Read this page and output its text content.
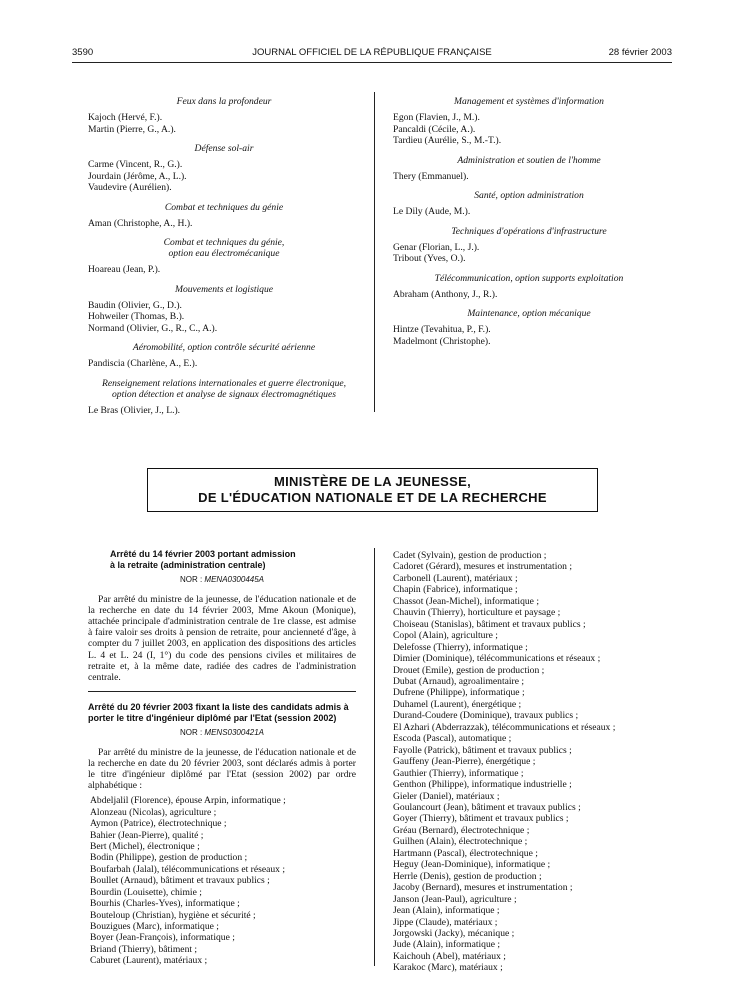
3590	JOURNAL OFFICIEL DE LA RÉPUBLIQUE FRANÇAISE	28 février 2003
Feux dans la profondeur
Kajoch (Hervé, F.).
Martin (Pierre, G., A.).
Défense sol-air
Carme (Vincent, R., G.).
Jourdain (Jérôme, A., L.).
Vaudevire (Aurélien).
Combat et techniques du génie
Aman (Christophe, A., H.).
Combat et techniques du génie,
option eau électromécanique
Hoareau (Jean, P.).
Mouvements et logistique
Baudin (Olivier, G., D.).
Hohweiler (Thomas, B.).
Normand (Olivier, G., R., C., A.).
Aéromobilité, option contrôle sécurité aérienne
Pandiscia (Charlène, A., E.).
Renseignement relations internationales et guerre électronique,
option détection et analyse de signaux électromagnétiques
Le Bras (Olivier, J., L.).
Management et systèmes d'information
Egon (Flavien, J., M.).
Pancaldi (Cécile, A.).
Tardieu (Aurélie, S., M.-T.).
Administration et soutien de l'homme
Thery (Emmanuel).
Santé, option administration
Le Dily (Aude, M.).
Techniques d'opérations d'infrastructure
Genar (Florian, L., J.).
Tribout (Yves, O.).
Télécommunication, option supports exploitation
Abraham (Anthony, J., R.).
Maintenance, option mécanique
Hintze (Tevahitua, P., F.).
Madelmont (Christophe).
MINISTÈRE DE LA JEUNESSE,
DE L'ÉDUCATION NATIONALE ET DE LA RECHERCHE
Arrêté du 14 février 2003 portant admission
à la retraite (administration centrale)
NOR : MENA0300445A
Par arrêté du ministre de la jeunesse, de l'éducation nationale et de la recherche en date du 14 février 2003, Mme Akoun (Monique), attachée principale d'administration centrale de 1re classe, est admise à faire valoir ses droits à pension de retraite, pour ancienneté d'âge, à compter du 7 juillet 2003, en application des dispositions des articles L. 4 et L. 24 (I, 1°) du code des pensions civiles et militaires de retraite et, à la même date, radiée des cadres de l'administration centrale.
Arrêté du 20 février 2003 fixant la liste des candidats admis à porter le titre d'ingénieur diplômé par l'Etat (session 2002)
NOR : MENS0300421A
Par arrêté du ministre de la jeunesse, de l'éducation nationale et de la recherche en date du 20 février 2003, sont déclarés admis à porter le titre d'ingénieur diplômé par l'Etat (session 2002) par ordre alphabétique :
Abdeljalil (Florence), épouse Arpin, informatique ;
Alonzeau (Nicolas), agriculture ;
Aymon (Patrice), électrotechnique ;
Bahier (Jean-Pierre), qualité ;
Bert (Michel), électronique ;
Bodin (Philippe), gestion de production ;
Boufarbah (Jalal), télécommunications et réseaux ;
Boullet (Arnaud), bâtiment et travaux publics ;
Bourdin (Louisette), chimie ;
Bourhis (Charles-Yves), informatique ;
Bouteloup (Christian), hygiène et sécurité ;
Bouzigues (Marc), informatique ;
Boyer (Jean-François), informatique ;
Briand (Thierry), bâtiment ;
Caburet (Laurent), matériaux ;
Cadet (Sylvain), gestion de production ;
Cadoret (Gérard), mesures et instrumentation ;
Carbonell (Laurent), matériaux ;
Chapin (Fabrice), informatique ;
Chassot (Jean-Michel), informatique ;
Chauvin (Thierry), horticulture et paysage ;
Choiseau (Stanislas), bâtiment et travaux publics ;
Copol (Alain), agriculture ;
Delefosse (Thierry), informatique ;
Dimier (Dominique), télécommunications et réseaux ;
Drouet (Emile), gestion de production ;
Dubat (Arnaud), agroalimentaire ;
Dufrene (Philippe), informatique ;
Duhamel (Laurent), énergétique ;
Durand-Coudere (Dominique), travaux publics ;
El Azhari (Abderrazzak), télécommunications et réseaux ;
Escoda (Pascal), automatique ;
Fayolle (Patrick), bâtiment et travaux publics ;
Gauffeny (Jean-Pierre), énergétique ;
Gauthier (Thierry), informatique ;
Genthon (Philippe), informatique industrielle ;
Gieler (Daniel), matériaux ;
Goulancourt (Jean), bâtiment et travaux publics ;
Goyer (Thierry), bâtiment et travaux publics ;
Gréau (Bernard), électrotechnique ;
Guilhen (Alain), électrotechnique ;
Hartmann (Pascal), électrotechnique ;
Heguy (Jean-Dominique), informatique ;
Herrle (Denis), gestion de production ;
Jacoby (Bernard), mesures et instrumentation ;
Janson (Jean-Paul), agriculture ;
Jean (Alain), informatique ;
Jippe (Claude), matériaux ;
Jorgowski (Jacky), mécanique ;
Jude (Alain), informatique ;
Kaichouh (Abel), matériaux ;
Karakoc (Marc), matériaux ;
